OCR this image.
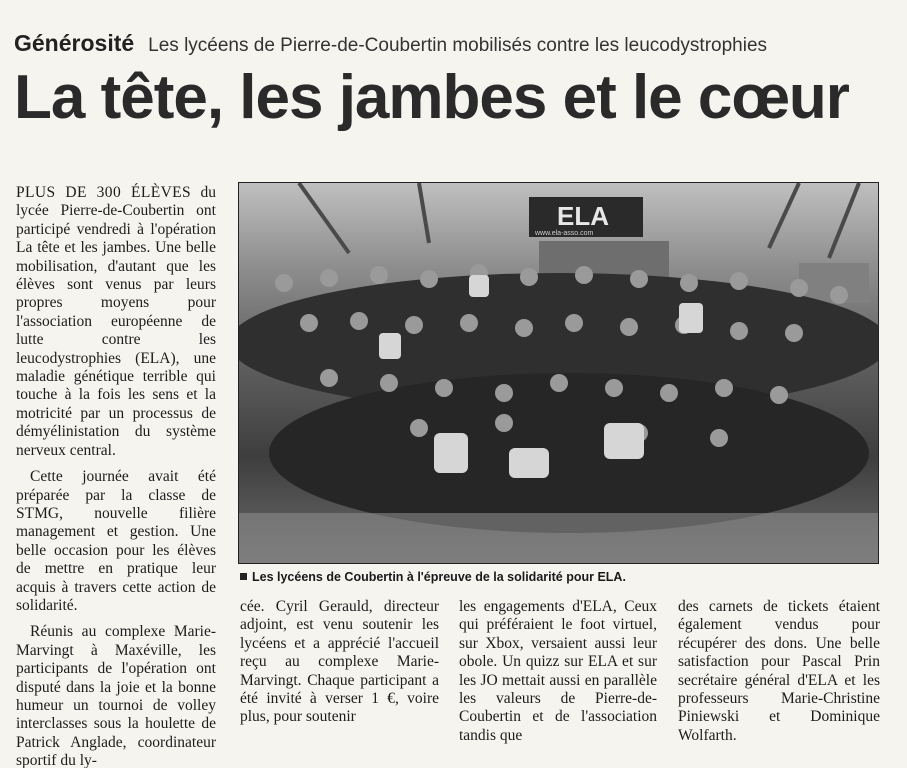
Générosité Les lycéens de Pierre-de-Coubertin mobilisés contre les leucodystrophies
La tête, les jambes et le cœur

PLUS DE 300 ÉLÈVES du lycée Pierre-de-Coubertin ont participé vendredi à l'opération La tête et les jambes. Une belle mobilisation, d'autant que les élèves sont venus par leurs propres moyens pour l'association européenne de lutte contre les leucodystrophies (ELA), une maladie génétique terrible qui touche à la fois les sens et la motricité par un processus de démyélinistation du système nerveux central.

Cette journée avait été préparée par la classe de STMG, nouvelle filière management et gestion. Une belle occasion pour les élèves de mettre en pratique leur acquis à travers cette action de solidarité.

Réunis au complexe Marie-Marvingt à Maxéville, les participants de l'opération ont disputé dans la joie et la bonne humeur un tournoi de volley interclasses sous la houlette de Patrick Anglade, coordinateur sportif du ly-

ELA
www.ela-asso.com
Les lycéens de Coubertin à l'épreuve de la solidarité pour ELA.

cée. Cyril Gerauld, directeur adjoint, est venu soutenir les lycéens et a apprécié l'accueil reçu au complexe Marie-Marvingt. Chaque participant a été invité à verser 1 €, voire plus, pour soutenir

les engagements d'ELA, Ceux qui préféraient le foot virtuel, sur Xbox, versaient aussi leur obole. Un quizz sur ELA et sur les JO mettait aussi en parallèle les valeurs de Pierre-de-Coubertin et de l'association tandis que

des carnets de tickets étaient également vendus pour récupérer des dons. Une belle satisfaction pour Pascal Prin secrétaire général d'ELA et les professeurs Marie-Christine Piniewski et Dominique Wolfarth.
